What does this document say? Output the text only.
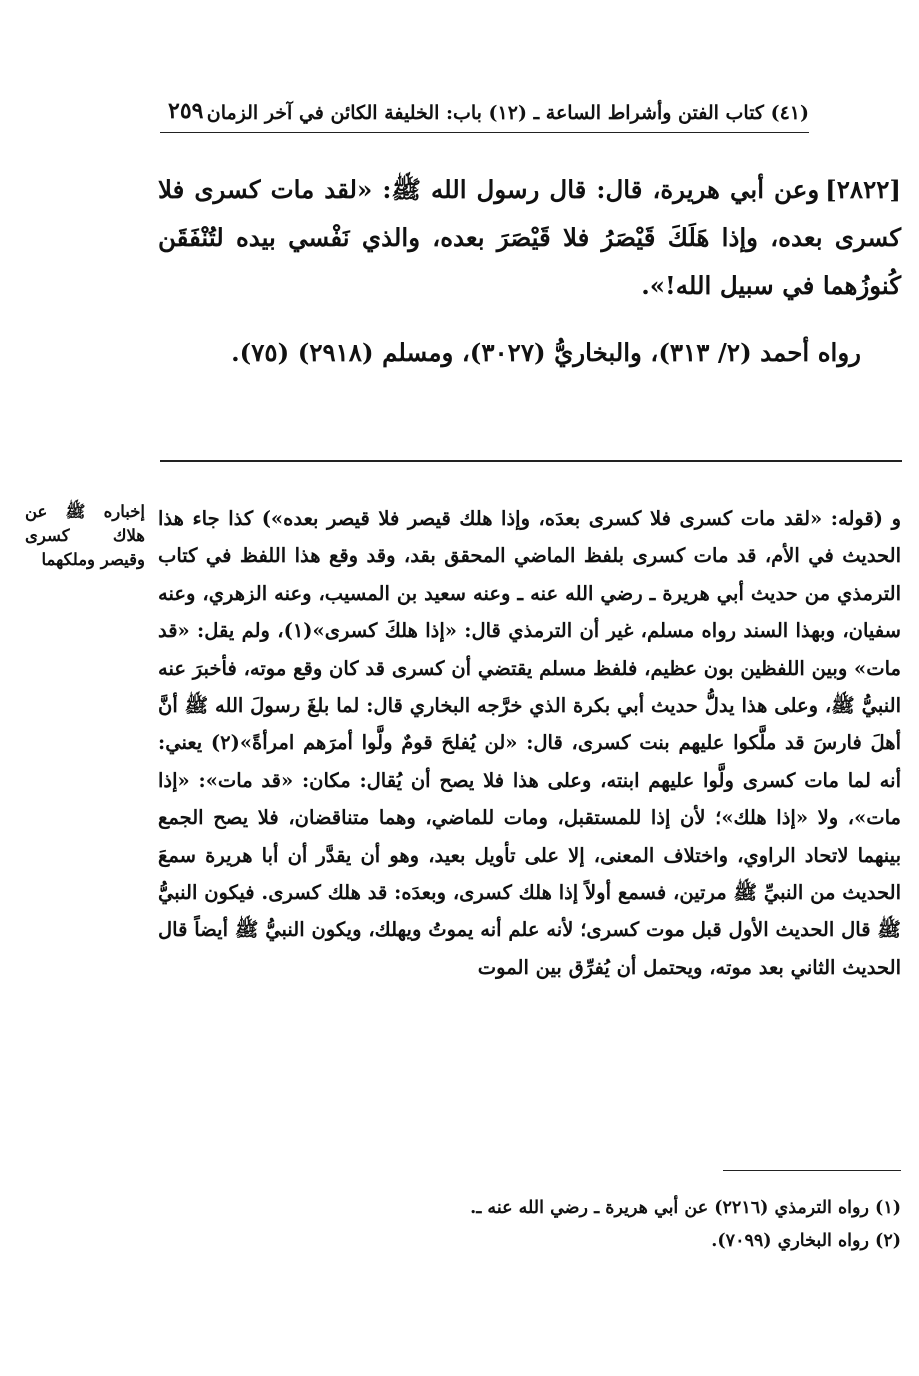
(٤١) كتاب الفتن وأشراط الساعة ـ (١٢) باب: الخليفة الكائن في آخر الزمان
٢٥٩

[٢٨٢٢]وعن أبي هريرة، قال: قال رسول الله ﷺ: «لقد مات كسرى فلا كسرى بعده، وإذا هَلَكَ قَيْصَرُ فلا قَيْصَرَ بعده، والذي نَفْسي بيده لتُنْفَقَن كُنوزُهما في سبيل الله!».

رواه أحمد (٢/ ٣١٣)، والبخاريُّ (٣٠٢٧)، ومسلم (٢٩١٨) (٧٥).

إخباره ﷺ عن هلاك كسرى وقيصر وملكهما

و (قوله: «لقد مات كسرى فلا كسرى بعدَه، وإذا هلك قيصر فلا قيصر بعده») كذا جاء هذا الحديث في الأم، قد مات كسرى بلفظ الماضي المحقق بقد، وقد وقع هذا اللفظ في كتاب الترمذي من حديث أبي هريرة ـ رضي الله عنه ـ وعنه سعيد بن المسيب، وعنه الزهري، وعنه سفيان، وبهذا السند رواه مسلم، غير أن الترمذي قال: «إذا هلكَ كسرى»(١)، ولم يقل: «قد مات» وبين اللفظين بون عظيم، فلفظ مسلم يقتضي أن كسرى قد كان وقع موته، فأخبرَ عنه النبيُّ ﷺ، وعلى هذا يدلُّ حديث أبي بكرة الذي خرَّجه البخاري قال: لما بلغَ رسولَ الله ﷺ أنَّ أهلَ فارسَ قد ملَّكوا عليهم بنت كسرى، قال: «لن يُفلحَ قومٌ ولَّوا أمرَهم امرأةً»(٢) يعني: أنه لما مات كسرى ولَّوا عليهم ابنته، وعلى هذا فلا يصح أن يُقال: مكان: «قد مات»: «إذا مات»، ولا «إذا هلك»؛ لأن إذا للمستقبل، ومات للماضي، وهما متناقضان، فلا يصح الجمع بينهما لاتحاد الراوي، واختلاف المعنى، إلا على تأويل بعيد، وهو أن يقدَّر أن أبا هريرة سمعَ الحديث من النبيِّ ﷺ مرتين، فسمع أولاً إذا هلك كسرى، وبعدَه: قد هلك كسرى. فيكون النبيُّ ﷺ قال الحديث الأول قبل موت كسرى؛ لأنه علم أنه يموتُ ويهلك، ويكون النبيُّ ﷺ أيضاً قال الحديث الثاني بعد موته، ويحتمل أن يُفرِّق بين الموت

(١) رواه الترمذي (٢٢١٦) عن أبي هريرة ـ رضي الله عنه ـ.

(٢) رواه البخاري (٧٠٩٩).
